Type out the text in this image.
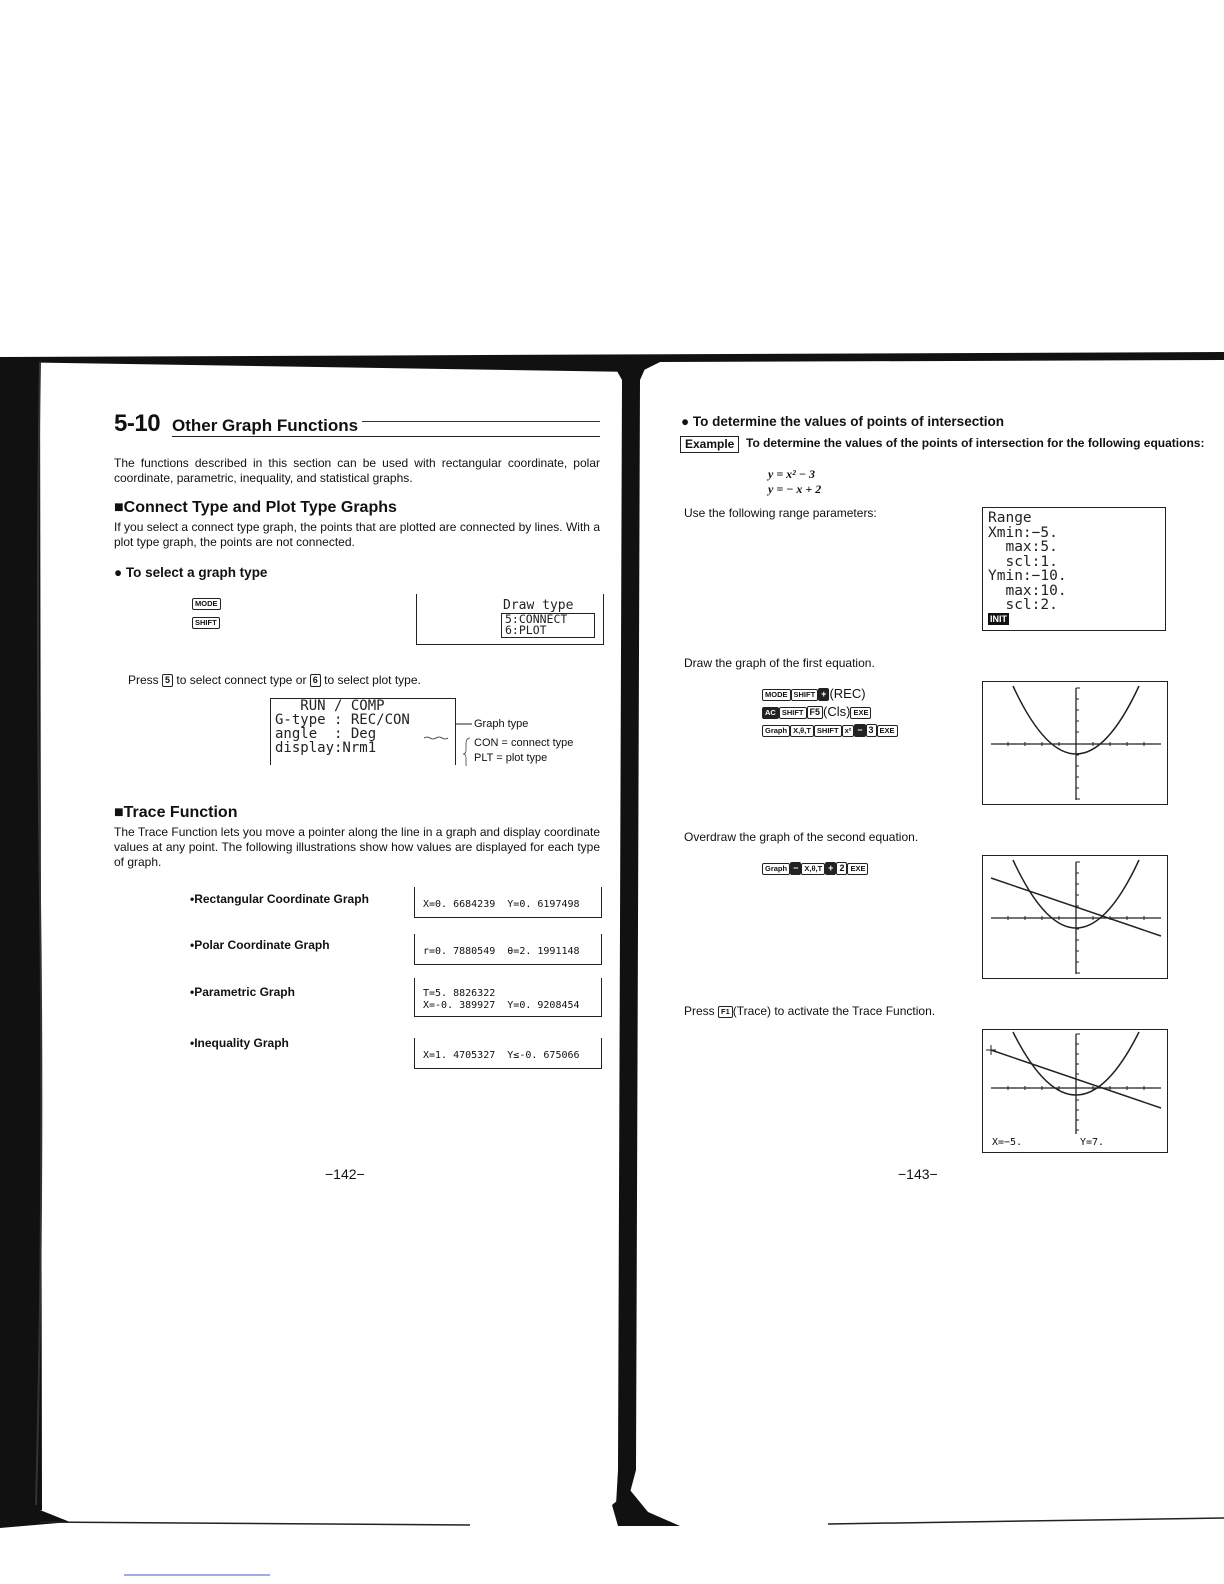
5-10 Other Graph Functions
The functions described in this section can be used with rectangular coordinate, polar coordinate, parametric, inequality, and statistical graphs.
■Connect Type and Plot Type Graphs
If you select a connect type graph, the points that are plotted are connected by lines. With a plot type graph, the points are not connected.
● To select a graph type
MODE
SHIFT
Draw type
5:CONNECT
6:PLOT
Press 5 to select connect type or 6 to select plot type.
RUN / COMP
G-type : REC/CON
angle  : Deg
display:Nrm1
Graph type
CON = connect type
PLT = plot type
■Trace Function
The Trace Function lets you move a pointer along the line in a graph and display coordinate values at any point. The following illustrations show how values are displayed for each type of graph.
•Rectangular Coordinate Graph	X=0. 6684239  Y=0. 6197498
•Polar Coordinate Graph	r=0. 7880549  θ=2. 1991148
•Parametric Graph	T=5. 8826322
X=-0. 389927  Y=0. 9208454
•Inequality Graph
X=1. 4705327  Y≤-0. 675066
−142−
● To determine the values of points of intersection
Example To determine the values of the points of intersection for the following equations:
y = x² − 3
y = − x + 2
Use the following range parameters:	Range
Xmin:−5.
max:5.
scl:1.
Ymin:−10.
max:10.
scl:2.
INIT
Draw the graph of the first equation.
MODE SHIFT + (REC)
AC SHIFT F5 (Cls) EXE
Graph X,θ,T SHIFT x² − 3 EXE
Overdraw the graph of the second equation.
Graph − X,θ,T + 2 EXE
Press F1 (Trace) to activate the Trace Function.
X=−5.	Y=7.
−143−
